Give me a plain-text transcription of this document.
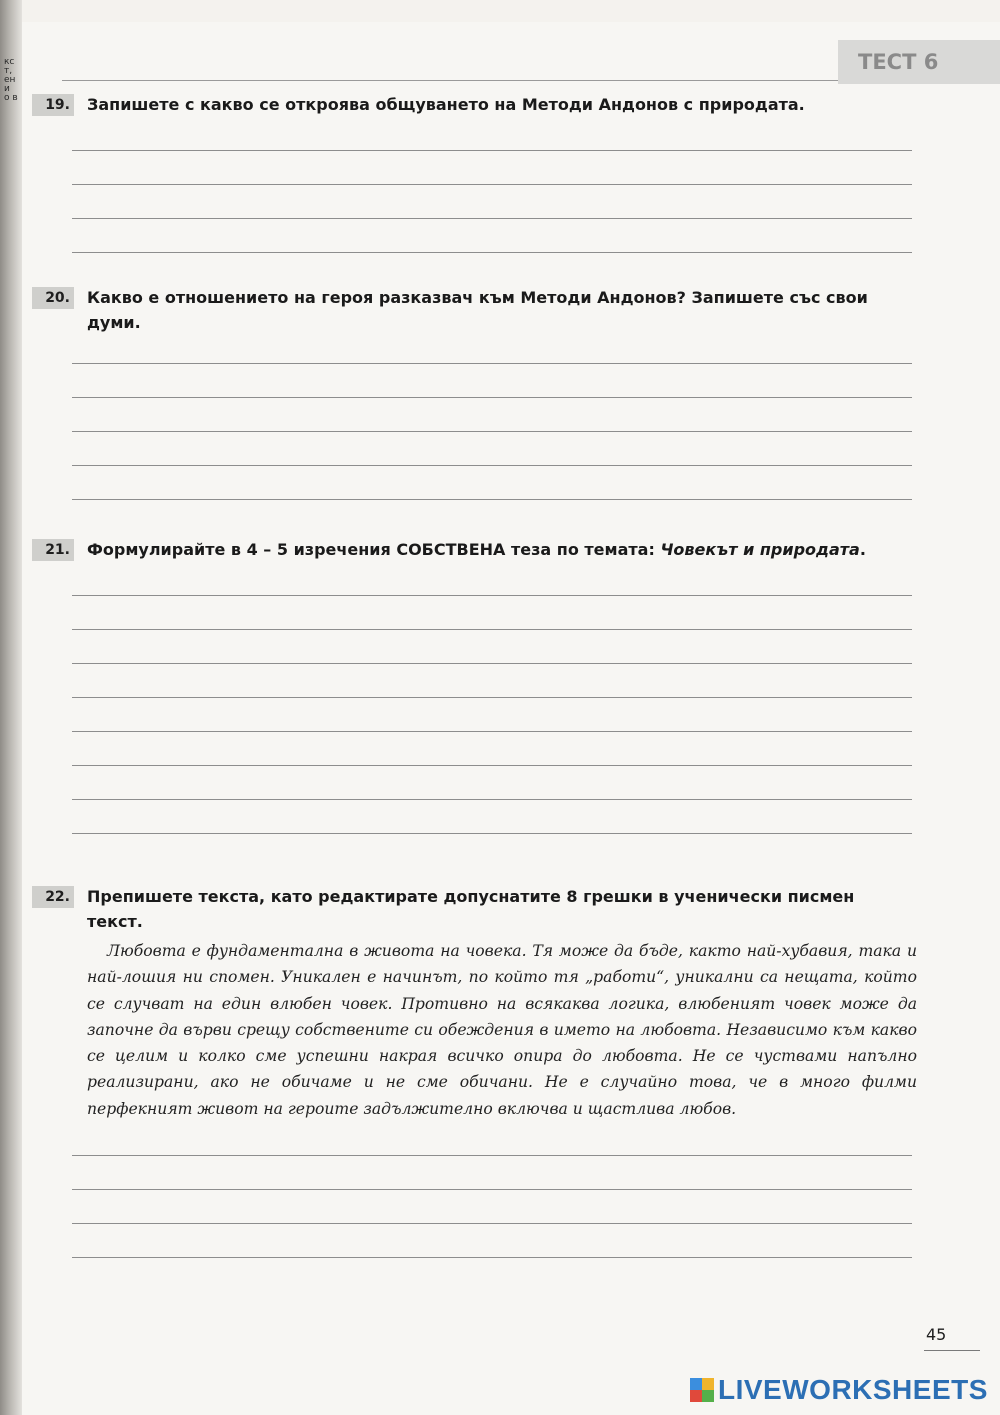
кст, ени о в
ТЕСТ 6
19. Запишете с какво се откроява общуването на Методи Андонов с природата.
20. Какво е отношението на героя разказвач към Методи Андонов? Запишете със свои думи.
21. Формулирайте в 4 – 5 изречения СОБСТВЕНА теза по темата: Човекът и природата.
22. Препишете текста, като редактирате допуснатите 8 грешки в ученически писмен текст.
Любовта е фундаментална в живота на човека. Тя може да бъде, както най-хубавия, така и най-лошия ни спомен. Уникален е начинът, по който тя „работи“, уникални са нещата, който се случват на един влюбен човек. Противно на всякаква логика, влюбеният човек може да започне да върви срещу собствените си обеждения в името на любовта. Независимо към какво се целим и колко сме успешни накрая всичко опира до любовта. Не се чуствами напълно реализирани, ако не обичаме и не сме обичани. Не е случайно това, че в много филми перфекният живот на героите задължително включва и щастлива любов.
45
LIVEWORKSHEETS
